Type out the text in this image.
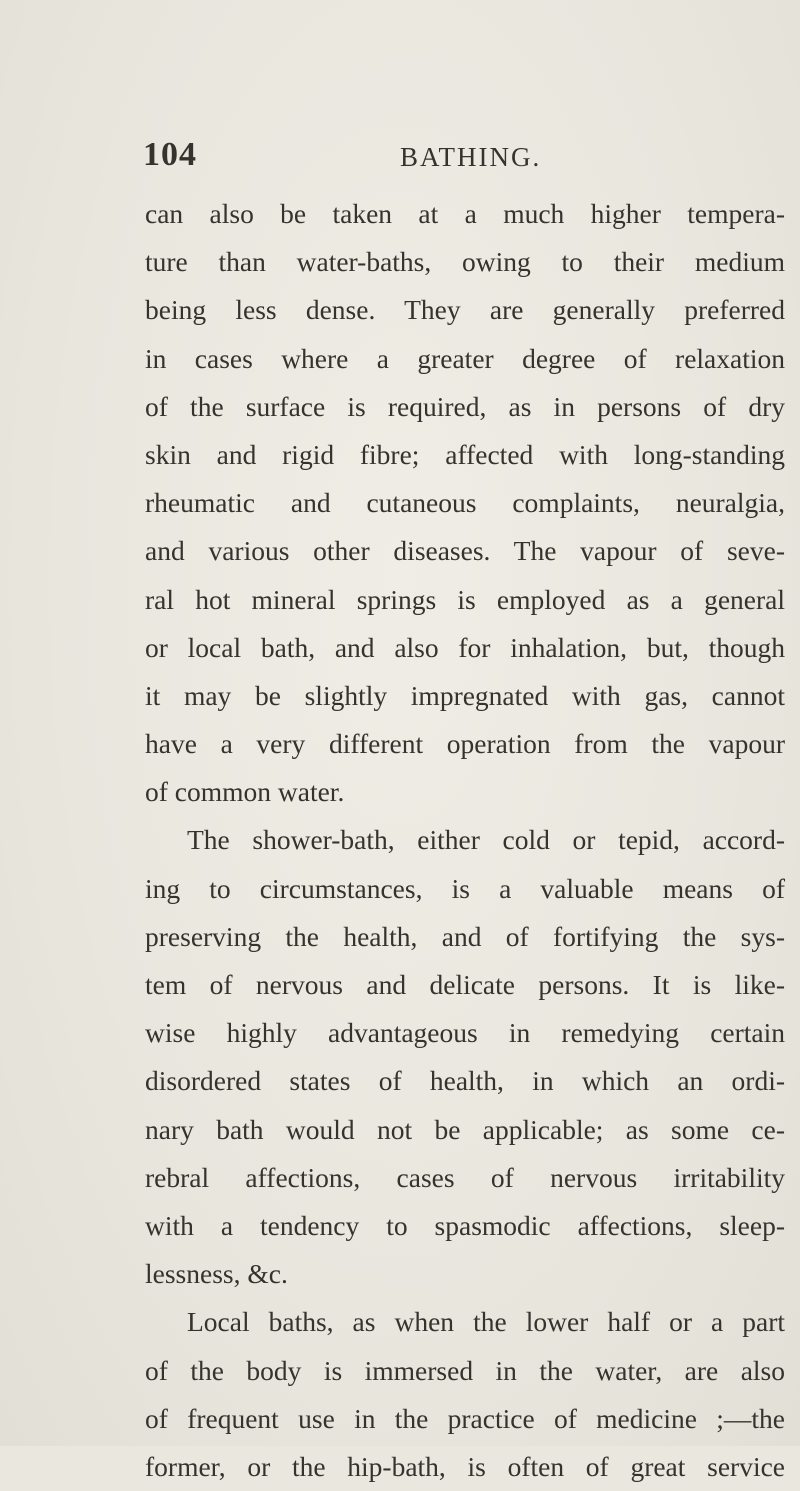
104	BATHING.
can also be taken at a much higher tempera-
ture than water-baths, owing to their medium
being less dense. They are generally preferred
in cases where a greater degree of relaxation
of the surface is required, as in persons of dry
skin and rigid fibre; affected with long-standing
rheumatic and cutaneous complaints, neuralgia,
and various other diseases. The vapour of seve-
ral hot mineral springs is employed as a general
or local bath, and also for inhalation, but, though
it may be slightly impregnated with gas, cannot
have a very different operation from the vapour
of common water.
The shower-bath, either cold or tepid, accord-
ing to circumstances, is a valuable means of
preserving the health, and of fortifying the sys-
tem of nervous and delicate persons. It is like-
wise highly advantageous in remedying certain
disordered states of health, in which an ordi-
nary bath would not be applicable; as some ce-
rebral affections, cases of nervous irritability
with a tendency to spasmodic affections, sleep-
lessness, &c.
Local baths, as when the lower half or a part
of the body is immersed in the water, are also
of frequent use in the practice of medicine ;—the
former, or the hip-bath, is often of great service
